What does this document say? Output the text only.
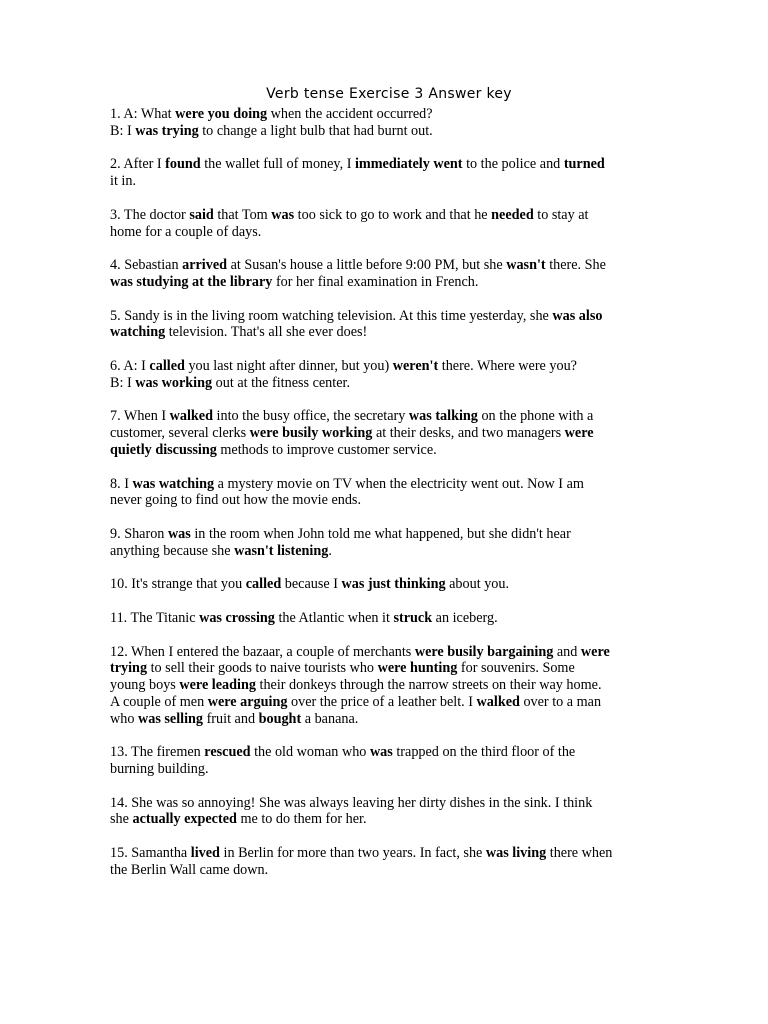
Verb tense Exercise 3 Answer key

1. A: What were you doing when the accident occurred?
B: I was trying to change a light bulb that had burnt out.

2. After I found the wallet full of money, I immediately went to the police and turned
it in.

3. The doctor said that Tom was too sick to go to work and that he needed to stay at
home for a couple of days.

4. Sebastian arrived at Susan's house a little before 9:00 PM, but she wasn't there. She
was studying at the library for her final examination in French.

5. Sandy is in the living room watching television. At this time yesterday, she was also
watching television. That's all she ever does!

6. A: I called you last night after dinner, but you) weren't there. Where were you?
B: I was working out at the fitness center.

7. When I walked into the busy office, the secretary was talking on the phone with a
customer, several clerks were busily working at their desks, and two managers were
quietly discussing methods to improve customer service.

8. I was watching a mystery movie on TV when the electricity went out. Now I am
never going to find out how the movie ends.

9. Sharon was in the room when John told me what happened, but she didn't hear
anything because she wasn't listening.

10. It's strange that you called because I was just thinking about you.

11. The Titanic was crossing the Atlantic when it struck an iceberg.

12. When I entered the bazaar, a couple of merchants were busily bargaining and were
trying to sell their goods to naive tourists who were hunting for souvenirs. Some
young boys were leading their donkeys through the narrow streets on their way home.
A couple of men were arguing over the price of a leather belt. I walked over to a man
who was selling fruit and bought a banana.

13. The firemen rescued the old woman who was trapped on the third floor of the
burning building.

14. She was so annoying! She was always leaving her dirty dishes in the sink. I think
she actually expected me to do them for her.

15. Samantha lived in Berlin for more than two years. In fact, she was living there when
the Berlin Wall came down.
